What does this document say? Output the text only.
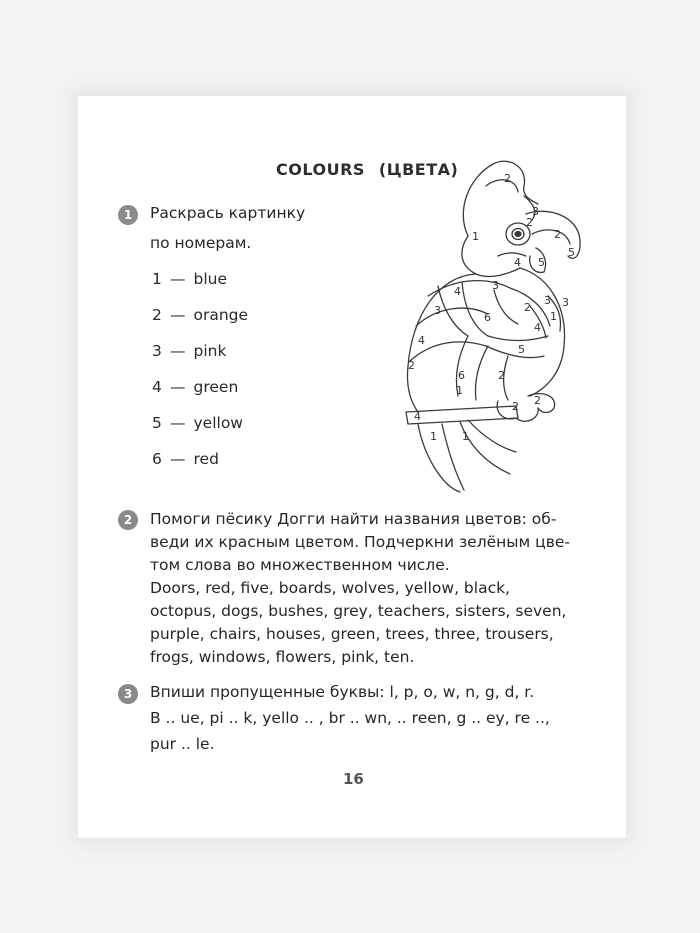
COLOURS (ЦВЕТА)
1	Раскрась картинку
по номерам.
1 — blue
2 — orange
3 — pink
4 — green
5 — yellow
6 — red
2
3
2
1	2
5
4 5
3
4
3	2
6	1
3
4
3
4
5
2
6	2
1
2 2
4
1 1
2	Помоги пёсику Догги найти названия цветов: об-
веди их красным цветом. Подчеркни зелёным цве-
том слова во множественном числе.
Doors, red, five, boards, wolves, yellow, black,
octopus, dogs, bushes, grey, teachers, sisters, seven,
purple, chairs, houses, green, trees, three, trousers,
frogs, windows, flowers, pink, ten.
3	Впиши пропущенные буквы: l, p, o, w, n, g, d, r.
B .. ue, pi .. k, yello .. , br .. wn, .. reen, g .. ey, re ..,
pur .. le.
16
